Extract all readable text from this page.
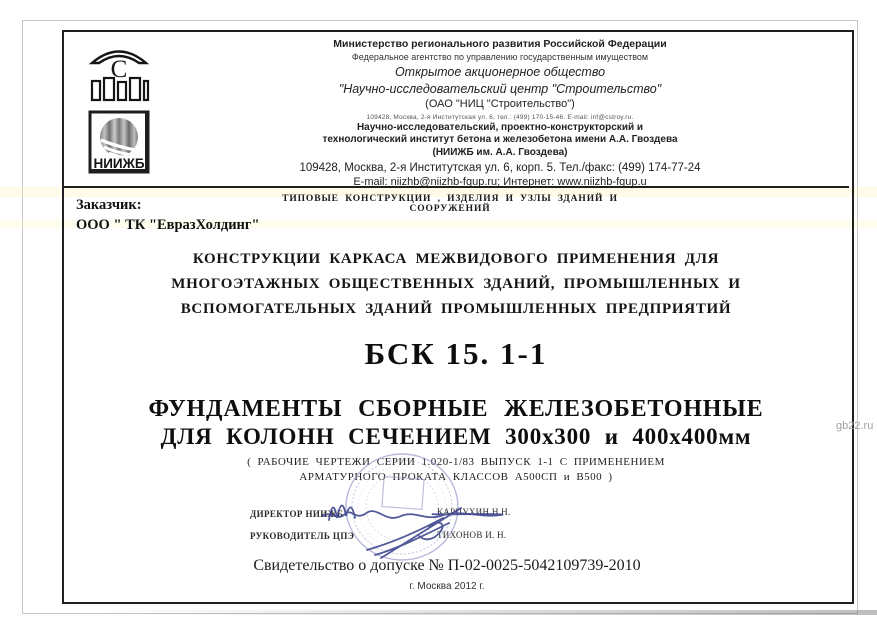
С
НИИЖБ
Министерство регионального развития Российской Федерации
Федеральное агентство по управлению государственным имуществом
Открытое акционерное общество
"Научно-исследовательский центр "Строительство"
(ОАО "НИЦ "Строительство")
109428, Москва, 2-я Институтская ул. 6, тел.: (499) 170-15-46. E-mail: inf@cstroy.ru.
Научно-исследовательский, проектно-конструкторский и
технологический институт бетона и железобетона имени А.А. Гвоздева
(НИИЖБ им. А.А. Гвоздева)
109428, Москва, 2-я Институтская ул. 6, корп. 5. Тел./факс: (499) 174-77-24
E-mail: niizhb@niizhb-fgup.ru; Интернет: www.niizhb-fgup.u
Заказчик:
ООО " ТК "ЕвразХолдинг"
ТИПОВЫЕ КОНСТРУКЦИИ , ИЗДЕЛИЯ И УЗЛЫ ЗДАНИЙ И СООРУЖЕНИЙ
КОНСТРУКЦИИ КАРКАСА МЕЖВИДОВОГО ПРИМЕНЕНИЯ ДЛЯ
МНОГОЭТАЖНЫХ ОБЩЕСТВЕННЫХ ЗДАНИЙ, ПРОМЫШЛЕННЫХ И
ВСПОМОГАТЕЛЬНЫХ ЗДАНИЙ ПРОМЫШЛЕННЫХ ПРЕДПРИЯТИЙ
БСК 15. 1-1
ФУНДАМЕНТЫ СБОРНЫЕ ЖЕЛЕЗОБЕТОННЫЕ
ДЛЯ КОЛОНН СЕЧЕНИЕМ 300х300 и 400х400мм
( РАБОЧИЕ ЧЕРТЕЖИ СЕРИИ 1.020-1/83 ВЫПУСК 1-1 С ПРИМЕНЕНИЕМ
АРМАТУРНОГО ПРОКАТА КЛАССОВ А500СП и В500 )
ДИРЕКТОР НИИЖБ	КАРПУХИН Н.Н.
РУКОВОДИТЕЛЬ ЦПЭ	ТИХОНОВ И. Н.
Свидетельство о допуске № П-02-0025-5042109739-2010
г. Москва 2012 г.
gb22.ru
